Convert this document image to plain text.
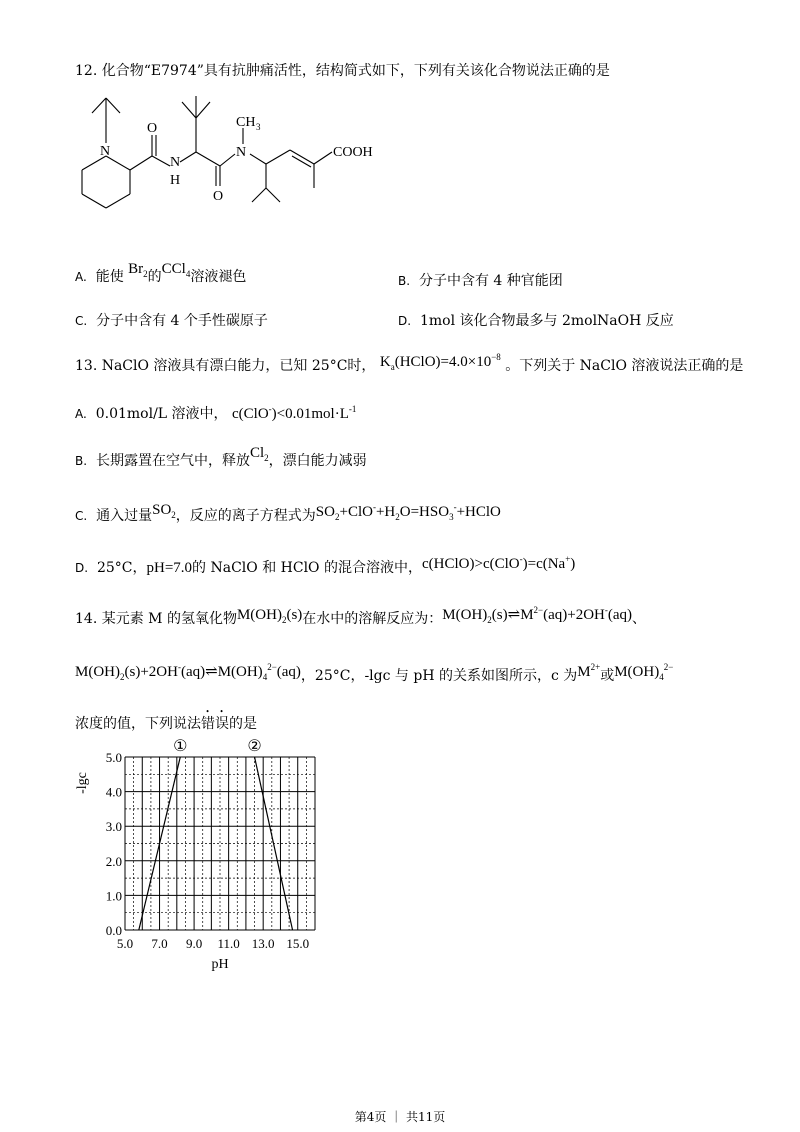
12. 化合物“E7974”具有抗肿痛活性，结构简式如下，下列有关该化合物说法正确的是
N
O
N
H
O
N
CH 3
COOH
A. 能使 $Br_2$的CCl$_4$溶液褪色	B. 分子中含有 4 种官能团
C. 分子中含有 4 个手性碳原子	D. 1mol 该化合物最多与 2molNaOH 反应
13. NaClO 溶液具有漂白能力，已知 25°C时， $K_a(HClO)=4.0\times 10^{-8}$ 。下列关于 NaClO 溶液说法正确的是
A. 0.01mol/L 溶液中， $c(ClO^-)<0.01mol\cdot L^{-1}$
B. 长期露置在空气中，释放$Cl_2$，漂白能力减弱
C. 通入过量$SO_2$，反应的离子方程式为$SO_2+ClO^-+H_2O=HSO_3^-+HClO$
D. 25°C，pH=7.0的 NaClO 和 HClO 的混合溶液中，c(HClO)>c(ClO-)=c(Na+)
14. 某元素 M 的氢氧化物$M(OH)_2(s)$在水中的溶解反应为：$M(OH)_2(s)\rightleftharpoons M^{2-}(aq)+2OH^-(aq)$、
$M(OH)_2(s)+2OH^-(aq)\rightleftharpoons M(OH)_4^{2-}(aq)$，25°C，-lgc 与 pH 的关系如图所示，c 为$M^{2+}$或$M(OH)_4^{2-}$
浓度的值，下列说法错误的是
5.0 7.0 9.0 11.0 13.0 15.0
0.0
1.0
2.0
3.0
4.0
5.0
pH
-lgc
①	②
第4页 ｜ 共11页
